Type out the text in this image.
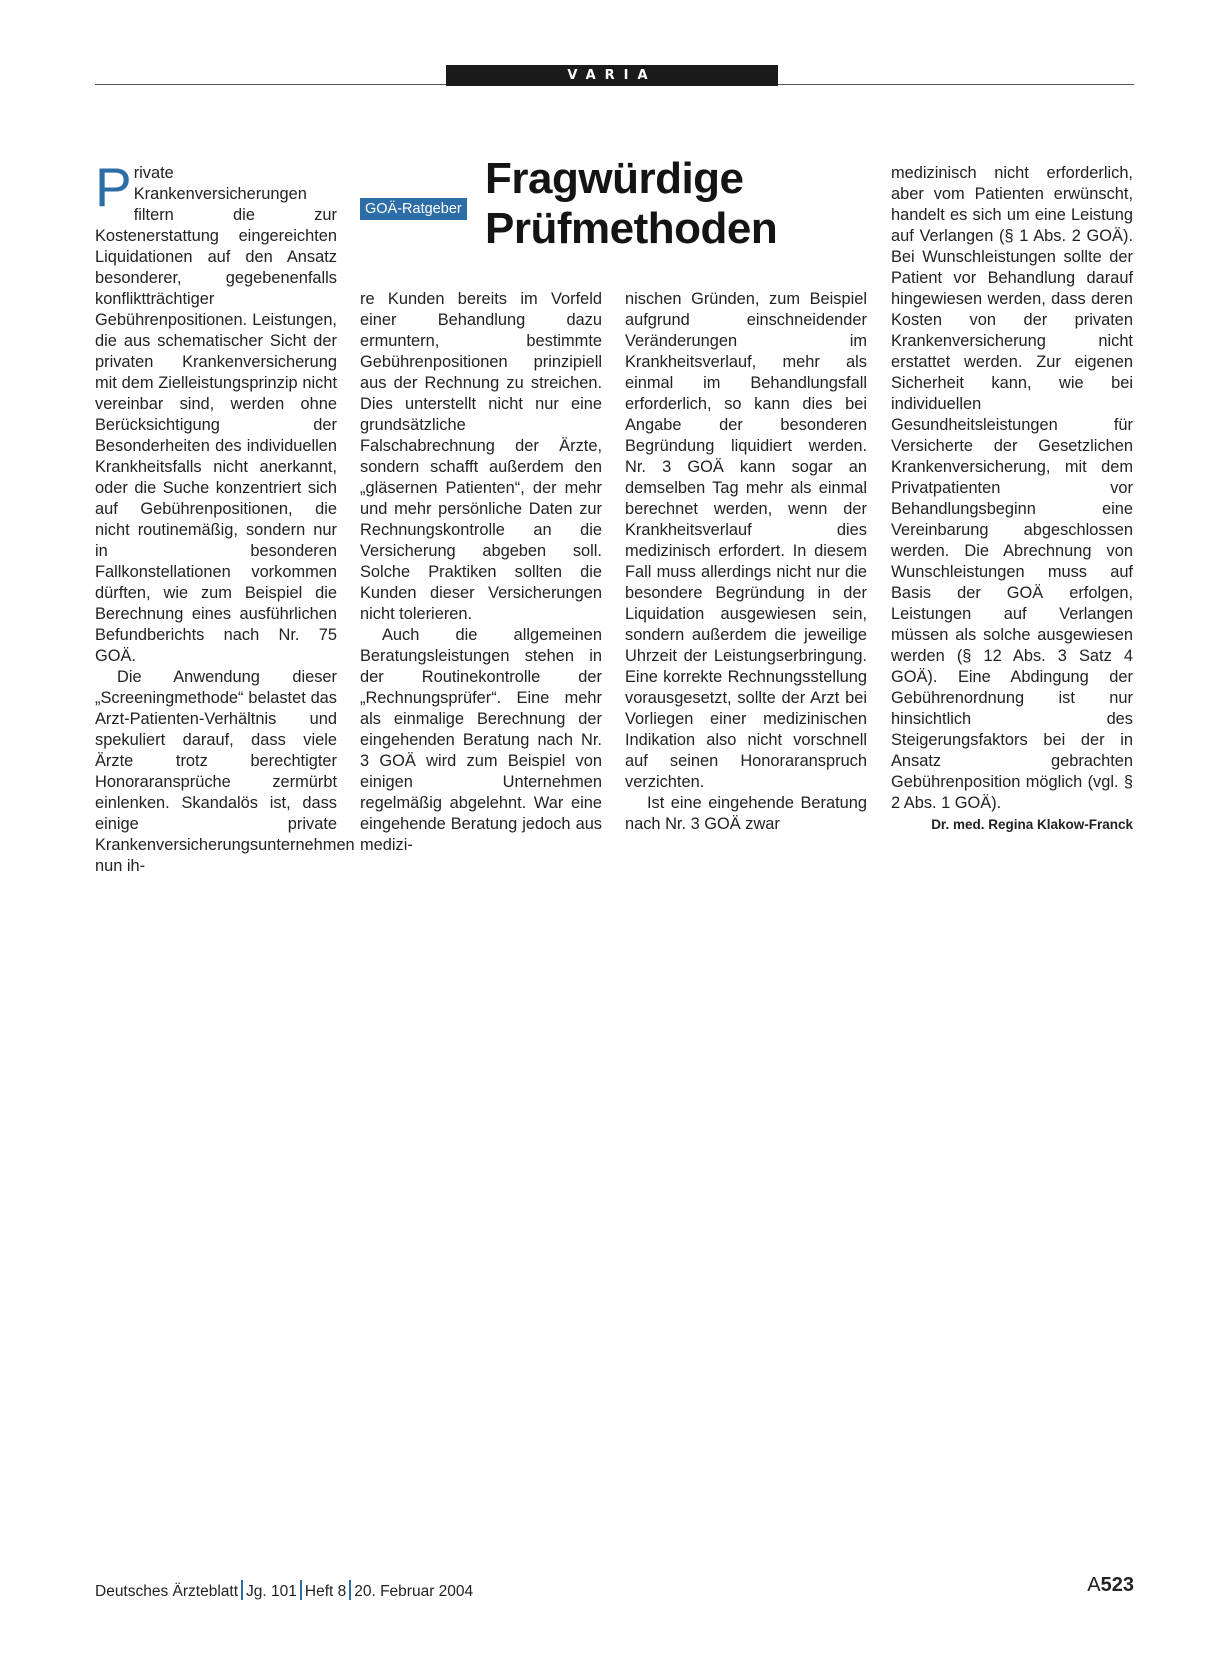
VARIA
GOÄ-Ratgeber
Fragwürdige
Prüfmethoden

Private Krankenversicherungen filtern die zur Kostenerstattung eingereichten Liquidationen auf den Ansatz besonderer, gegebenenfalls konfliktträchtiger Gebührenpositionen. Leistungen, die aus schematischer Sicht der privaten Krankenversicherung mit dem Zielleistungsprinzip nicht vereinbar sind, werden ohne Berücksichtigung der Besonderheiten des individuellen Krankheitsfalls nicht anerkannt, oder die Suche konzentriert sich auf Gebührenpositionen, die nicht routinemäßig, sondern nur in besonderen Fallkonstellationen vorkommen dürften, wie zum Beispiel die Berechnung eines ausführlichen Befundberichts nach Nr. 75 GOÄ.

Die Anwendung dieser „Screeningmethode“ belastet das Arzt-Patienten-Verhältnis und spekuliert darauf, dass viele Ärzte trotz berechtigter Honoraransprüche zermürbt einlenken. Skandalös ist, dass einige private Krankenversicherungsunternehmen nun ih-

re Kunden bereits im Vorfeld einer Behandlung dazu ermuntern, bestimmte Gebührenpositionen prinzipiell aus der Rechnung zu streichen. Dies unterstellt nicht nur eine grundsätzliche Falschabrechnung der Ärzte, sondern schafft außerdem den „gläsernen Patienten“, der mehr und mehr persönliche Daten zur Rechnungskontrolle an die Versicherung abgeben soll. Solche Praktiken sollten die Kunden dieser Versicherungen nicht tolerieren.

Auch die allgemeinen Beratungsleistungen stehen in der Routinekontrolle der „Rechnungsprüfer“. Eine mehr als einmalige Berechnung der eingehenden Beratung nach Nr. 3 GOÄ wird zum Beispiel von einigen Unternehmen regelmäßig abgelehnt. War eine eingehende Beratung jedoch aus medizi-

nischen Gründen, zum Beispiel aufgrund einschneidender Veränderungen im Krankheitsverlauf, mehr als einmal im Behandlungsfall erforderlich, so kann dies bei Angabe der besonderen Begründung liquidiert werden. Nr. 3 GOÄ kann sogar an demselben Tag mehr als einmal berechnet werden, wenn der Krankheitsverlauf dies medizinisch erfordert. In diesem Fall muss allerdings nicht nur die besondere Begründung in der Liquidation ausgewiesen sein, sondern außerdem die jeweilige Uhrzeit der Leistungserbringung. Eine korrekte Rechnungsstellung vorausgesetzt, sollte der Arzt bei Vorliegen einer medizinischen Indikation also nicht vorschnell auf seinen Honoraranspruch verzichten.

Ist eine eingehende Beratung nach Nr. 3 GOÄ zwar

medizinisch nicht erforderlich, aber vom Patienten erwünscht, handelt es sich um eine Leistung auf Verlangen (§ 1 Abs. 2 GOÄ). Bei Wunschleistungen sollte der Patient vor Behandlung darauf hingewiesen werden, dass deren Kosten von der privaten Krankenversicherung nicht erstattet werden. Zur eigenen Sicherheit kann, wie bei individuellen Gesundheitsleistungen für Versicherte der Gesetzlichen Krankenversicherung, mit dem Privatpatienten vor Behandlungsbeginn eine Vereinbarung abgeschlossen werden. Die Abrechnung von Wunschleistungen muss auf Basis der GOÄ erfolgen, Leistungen auf Verlangen müssen als solche ausgewiesen werden (§ 12 Abs. 3 Satz 4 GOÄ). Eine Abdingung der Gebührenordnung ist nur hinsichtlich des Steigerungsfaktors bei der in Ansatz gebrachten Gebührenposition möglich (vgl. § 2 Abs. 1 GOÄ).

Dr. med. Regina Klakow-Franck

Deutsches Ärzteblatt Jg. 101 Heft 8 20. Februar 2004	A523
